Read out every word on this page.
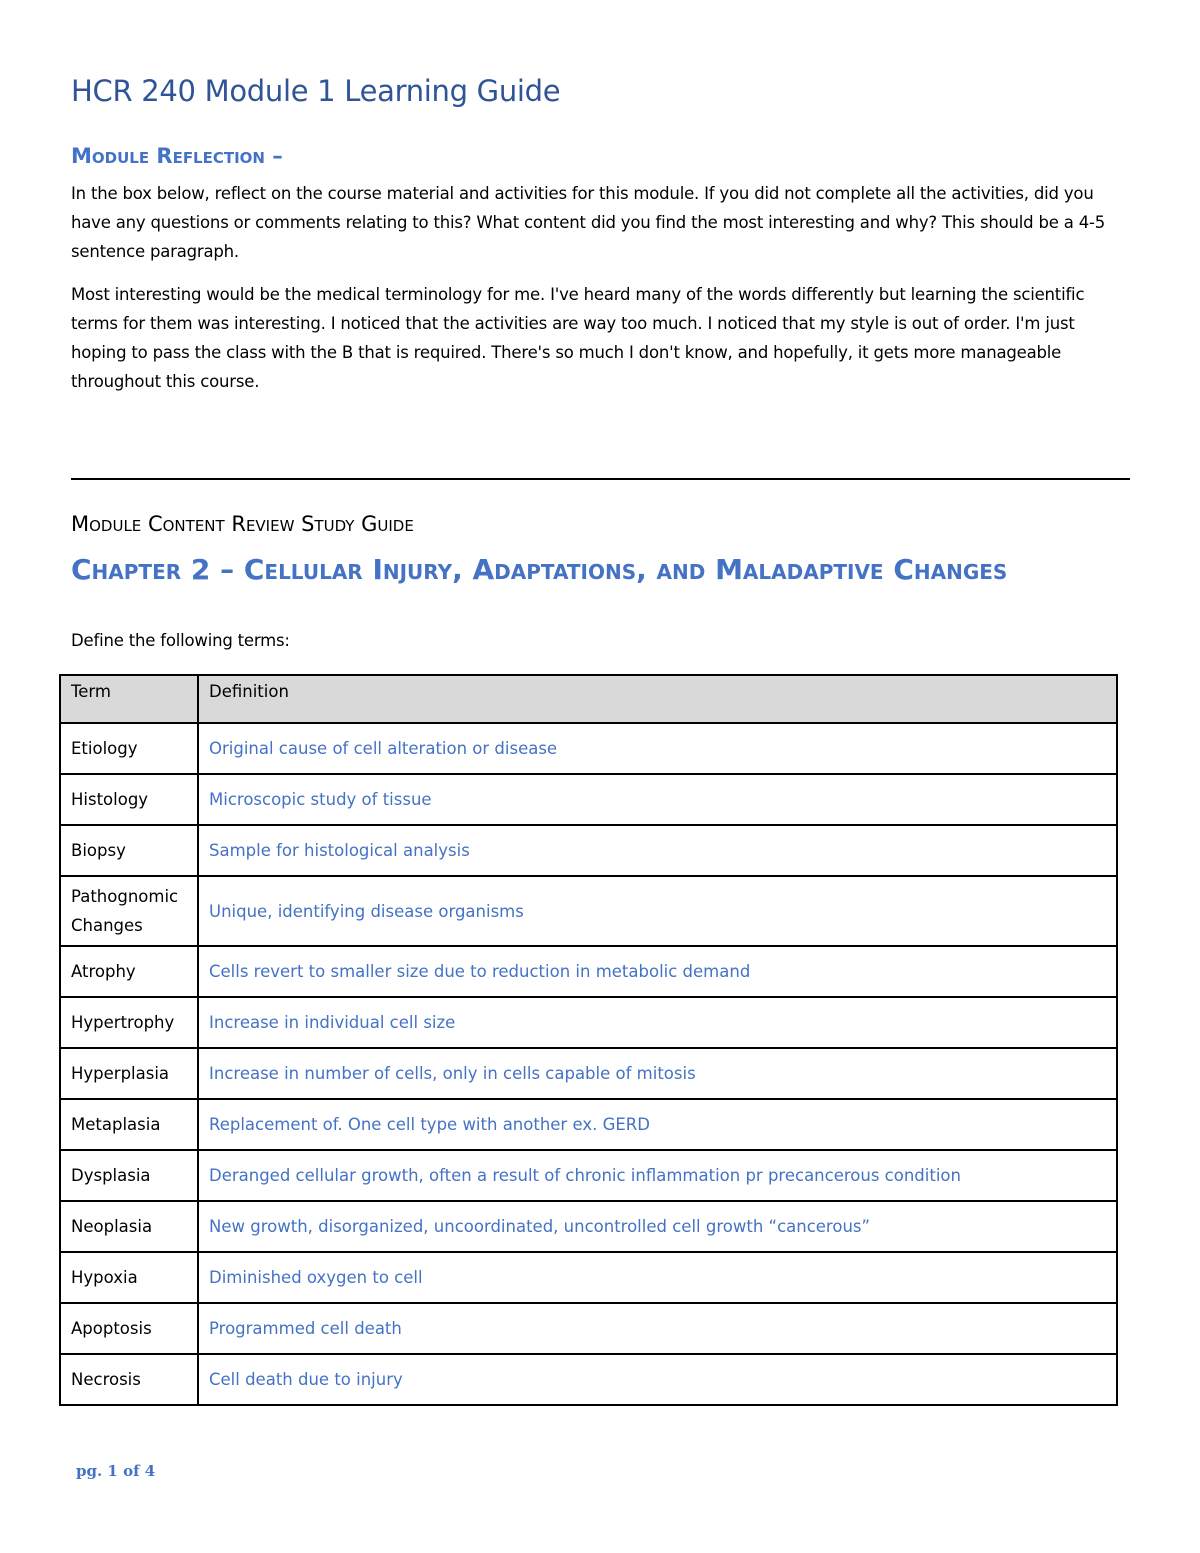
HCR 240 Module 1 Learning Guide
Module Reflection –

In the box below, reflect on the course material and activities for this module. If you did not complete all the activities, did you have any questions or comments relating to this? What content did you find the most interesting and why? This should be a 4-5 sentence paragraph.

Most interesting would be the medical terminology for me. I've heard many of the words differently but learning the scientific terms for them was interesting. I noticed that the activities are way too much. I noticed that my style is out of order. I'm just hoping to pass the class with the B that is required. There's so much I don't know, and hopefully, it gets more manageable throughout this course.

Module Content Review Study Guide
Chapter 2 – Cellular Injury, Adaptations, and Maladaptive Changes

Define the following terms:

Term	Definition
Etiology	Original cause of cell alteration or disease
Histology	Microscopic study of tissue
Biopsy	Sample for histological analysis
Pathognomic Changes	Unique, identifying disease organisms
Atrophy	Cells revert to smaller size due to reduction in metabolic demand
Hypertrophy	Increase in individual cell size
Hyperplasia	Increase in number of cells, only in cells capable of mitosis
Metaplasia	Replacement of. One cell type with another ex. GERD
Dysplasia	Deranged cellular growth, often a result of chronic inflammation pr precancerous condition
Neoplasia	New growth, disorganized, uncoordinated, uncontrolled cell growth “cancerous”
Hypoxia	Diminished oxygen to cell
Apoptosis	Programmed cell death
Necrosis	Cell death due to injury

pg. 1 of 4
